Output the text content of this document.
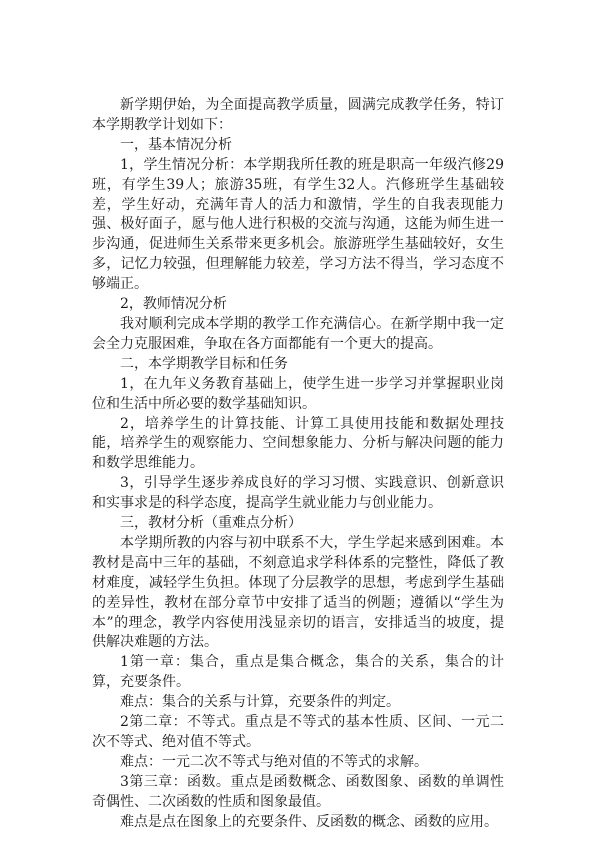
新学期伊始，为全面提高教学质量，圆满完成教学任务，特订本学期教学计划如下：

一，基本情况分析

1，学生情况分析：本学期我所任教的班是职高一年级汽修29班，有学生39人；旅游35班，有学生32人。汽修班学生基础较差，学生好动，充满年青人的活力和激情，学生的自我表现能力强、极好面子，愿与他人进行积极的交流与沟通，这能为师生进一步沟通，促进师生关系带来更多机会。旅游班学生基础较好，女生多，记忆力较强，但理解能力较差，学习方法不得当，学习态度不够端正。

2，教师情况分析

我对顺利完成本学期的教学工作充满信心。在新学期中我一定会全力克服困难，争取在各方面都能有一个更大的提高。

二，本学期教学目标和任务

1，在九年义务教育基础上，使学生进一步学习并掌握职业岗位和生活中所必要的数学基础知识。

2，培养学生的计算技能、计算工具使用技能和数据处理技能，培养学生的观察能力、空间想象能力、分析与解决问题的能力和数学思维能力。

3，引导学生逐步养成良好的学习习惯、实践意识、创新意识和实事求是的科学态度，提高学生就业能力与创业能力。

三，教材分析（重难点分析）

本学期所教的内容与初中联系不大，学生学起来感到困难。本教材是高中三年的基础，不刻意追求学科体系的完整性，降低了教材难度，减轻学生负担。体现了分层教学的思想，考虑到学生基础的差异性，教材在部分章节中安排了适当的例题；遵循以“学生为本”的理念，教学内容使用浅显亲切的语言，安排适当的坡度，提供解决难题的方法。

1第一章：集合，重点是集合概念，集合的关系，集合的计算，充要条件。

难点：集合的关系与计算，充要条件的判定。

2第二章：不等式。重点是不等式的基本性质、区间、一元二次不等式、绝对值不等式。

难点：一元二次不等式与绝对值的不等式的求解。

3第三章：函数。重点是函数概念、函数图象、函数的单调性奇偶性、二次函数的性质和图象最值。

难点是点在图象上的充要条件、反函数的概念、函数的应用。
